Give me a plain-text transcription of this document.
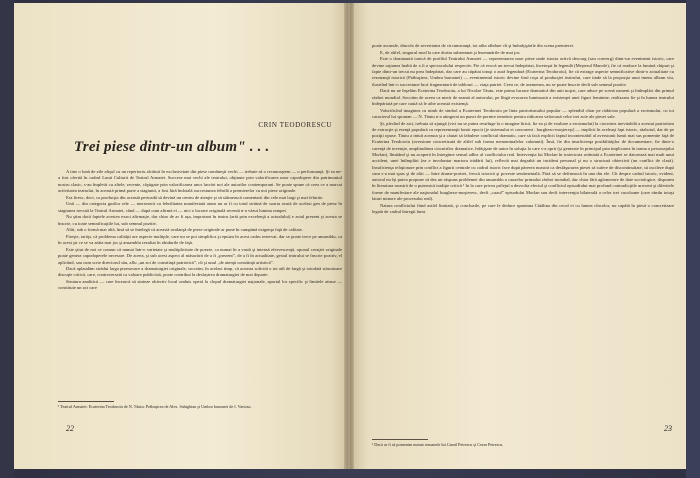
CRIN TEODORESCU
Trei piese dintr-un album" . . .

A tine o lună de zile afişul cu un repertoriu alcătuit în exclusivitate din piese româneşti vechi — trebuie să o recunoaştem — o performanţă. Şi ea ne-a fost oferită în cadrul Lunii Culturii de Teatrul Armatei. Succese mai vechi ale teatrului, obţinute prin valorificarea unor capodopere din patrimoniul nostru clasic, s-au împletit cu altele, recente, câştigate prin valorificarea unor lucrări noi ale autorilor contemporani. Se poate spune că ceea ce a marcat activitatea teatrului, în această primă parte a stagiunii, a fost fără îndoială succesiunea febrilă a premierelor cu noi piese originale.

Era firesc, deci, ca producţia din această perioadă să devină un centru de atenţie şi să stârnească comentarii din cele mai largi şi mai felurite.

Unii — din categoria gurilor rele — merseseră cu febrilitatea manifestată atum nu ar fi cu totul străină de soarta avută de acelasi gen de piese în stagiunea trecută la Teatrul Armatei, când — după cum afirmă ei — nici o lucrare originală recentă n-a văzut lumina rampei.

Nu ştim dacă faptele acestea exact afirmaţie, dar chiar de ar fi aşa, important în teatru (artă prin excelenţă a actualului) e actul prezent şi acesta se înscrie, cu toate semnificaţiile lui, sub semnul pozitiv.

Altii, sub o formă mai altă, însă să se întelegă că această avalanşă de piese originale ar pune în cumpănă exigenţa faţă de calitate.

Fireşte, iarăşi, că problema calităţii are aspecte multiple, care nu se pot simplifica şi epuiza în acest cadru rezervat, dar se poate trece pe ansamblu, ca în acest şir ce se va arăta mai jos şi ansamblu rezultat în rândurile de faţă.

Este ştiut de noi ce comun că numai într-o varietate şi multiplicitate de poezie, ca numai în a vastă şi intensă efervescenţă, oponul creaţiei originale poate genera capodoperele necesare. De aceea, şi sub acest aspect al măsurării de a fi „prezent”, de a fi în actualitate, gestul teatrului se înscrie pozitiv, el aplicând, sau cum scrie directorul său, aflu „un act de constiinţă patriotică”, cît şi unul „de atenţă constiinţă artistică”.

Dacă aplaudăm strădui larga promovare a dramaturgiei originale, socotim, în acelasi timp, că aceasta solicită o tot atît de largă şi totodată stăruitoare discuţie critică, care, controversată ca valoare publicistă, poate contribui la deslușirea dramaturgiei de mai departe.

Strutura analitică — care încearcă să sinteze obiectiv locul onduis operă la clopul dramaturgiei naţionale, aportul lor specific şi limitele atinse — constituie un act care

¹ Teatrul Armatei: Ecaterina Teodoroiu de N. Tăutu; Prăbuşirea de Alex. Sahighian şi Umbra baroanei de I. Vartosu.
22

poate ascunde, dincolo de severitatea de circumstanţă, tot atîta răbdare cît şi îmbrăţişările din scena premierei.

E, de altfel, singurul mod la care dorim subsemnat şi însemnările de mai jos.

Este o dominantă tonică de profilul Teatrului Armatei — reprezentarea unor piese unde istoria activă descurg (sau converg) dintr-un eveniment istoric, care devine raţiunea înaltă de a fi a spectacolului respectiv. Fie că evocă un trecut îndepărtat, încetoşat în legendă (Meşterul Manole), fie că readuce la lumină chipuri şi fapte dintr-un trecut nu prea îndepărtat, dar care au căpătat totuşi o aură legendară (Ecaterina Teodoroiu), fie că extrage aspecte semnificative dintr-o actualitate cu rezonanţă istorică (Prăbuşirea, Umbra baroanei) — evenimentul istoric devine firul roşu al producţiei teatrului, care tinde să la proporţia unui imens album viu, ilustrînd într-o succesiune lucă fragmentară de tablouri — viaţa patriei. Ceea ce, de asemenea, nu se poate înscrie decît sub semnul pozitiv.

Dacă nu ne înşelăm Ecaterina Teodoroiu, a lui Nicolae Tăutu, este prima lucrare dramatică din anii noştri, care aduce pe scenă oameni şi întîmplări din primul război mondial. Socotim de aceea ca merit de seamă al autorului, pe lîngă evocarea luminoasă a existenţei unei figuri feminine, realizarea fie şi în lumea teatrului îndepărtată pe care caută să le aibe această existenţă.

Valorificînd imaginea cu nimb de simbol a Ecaterinei Teodoroiu pe linia patriotismului popular — splendid chiar pe rădăcina populară a eroismului, cu tot caracterul lui spontan — N. Tăutu n-a atingerat un punct de pornire temeinic pentru ridicarea valoroasă celor trei acte ale piesei sale.

Şi, plecînd de aici, trebuia să ajungă (vici nu se putea restrînge la o imagine lirică, fie ea şi de exaltare a eroismului) la ciocnirea inevitabilă a acestui patriotism de extracţie şi esenţă populară cu reprezentanţii lumii epocii (je sistemului ei concurent : burghezo-moşiereşt) — implicit în aceleaşi fapt istoric, războiul, dar de pe poziţii opuse. Tăutu a intuit aceasta şi a căutat să fabulese conflictul dramatic, care să facă explicit faptul incontestabil al aversiunii lumii mai sus pomenite faţă de Ecaterina Teodoroiu (aversiune concretizată de altfel sub forma menominalelor calomnii). Însă, fie din insuficienţa posibilităţilor de documentare, fie dintr-o carenţă de invenţie, amplitudinea ciocnirilor dramatice, înfăţişate de autor în soluţia la care s-a oprit (şi generate în principal prin implicarea în trama a personajului Morlan), lîmitând şi nu acoperă în întregime sensul adînc al conflictului real. Intervenţia lui Morlan în traiectoria avântată a Ecaterinei se datorează mai mult unui accident, unei întîmplări (ea e involuntar martora trădării lui), reflectă mai degrabă un incident personal şi nu o structură obiectivă (un conflict de clasă). Insuficienţa relaţionare prin conflict a figurii centrale cu cadrul istoric face după părerea noastră ca desfăşurarea piesei să sufere de discontinuitate, să oscileze după cum s-a mai spus şi de altii — între drame-portret, frescă istorică şi poveste sentimentală. Fără să se definească în una din ele. Cît despre cadrul istoric, evident, autorul nu îşi putea propune să dea un răspuns problemei din ansamblu a cauzelor primului război mondial, dar chiar fără aglomerare de date sociologice, dispunea în literatura noastră de o puternică tradiţie critică ¹ în la care privea prilejul a desvolta efectul şi conflictul episodiului mai profund contradicţiile uroveni şi diferitele forme de manifestare ale naţionalul burghezo-moşieresc, decît „cazul” episodului Morlan sau decît intervenţia bilaterală a celor trei cucoloane (care rămîn totuşi laturi minore ale procesului real).

Natura conflictului fiind astfel limitată, şi concluzile, pe care le deduce spontana Cătălina din cecul ei cu lumea cîncolor, nu capătă în piesă o concretizare legată de cadrul întregii lumi.

¹ Dacă ar fi să pomenim numai romanele lui Camil Petrescu şi Cezar Petrescu.
23
